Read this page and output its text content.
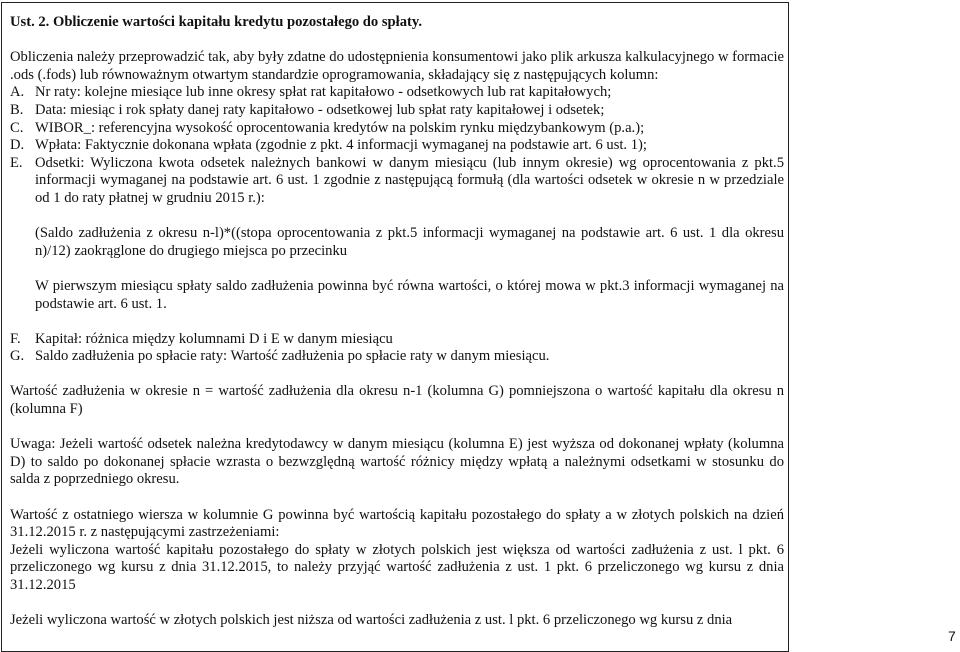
Ust. 2. Obliczenie wartości kapitału kredytu pozostałego do spłaty.

Obliczenia należy przeprowadzić tak, aby były zdatne do udostępnienia konsumentowi jako plik arkusza kalkulacyjnego w formacie .ods (.fods) lub równoważnym otwartym standardzie oprogramowania, składający się z następujących kolumn:

A. Nr raty: kolejne miesiące lub inne okresy spłat rat kapitałowo - odsetkowych lub rat kapitałowych;
B. Data: miesiąc i rok spłaty danej raty kapitałowo - odsetkowej lub spłat raty kapitałowej i odsetek;
C. WIBOR_: referencyjna wysokość oprocentowania kredytów na polskim rynku międzybankowym (p.a.);
D. Wpłata: Faktycznie dokonana wpłata (zgodnie z pkt. 4 informacji wymaganej na podstawie art. 6 ust. 1);
E. Odsetki: Wyliczona kwota odsetek należnych bankowi w danym miesiącu (lub innym okresie) wg oprocentowania z pkt.5 informacji wymaganej na podstawie art. 6 ust. 1 zgodnie z następującą formułą (dla wartości odsetek w okresie n w przedziale od 1 do raty płatnej w grudniu 2015 r.):

(Saldo zadłużenia z okresu n-l)*((stopa oprocentowania z pkt.5 informacji wymaganej na podstawie art. 6 ust. 1 dla okresu n)/12) zaokrąglone do drugiego miejsca po przecinku

W pierwszym miesiącu spłaty saldo zadłużenia powinna być równa wartości, o której mowa w pkt.3 informacji wymaganej na podstawie art. 6 ust. 1.

F. Kapitał: różnica między kolumnami D i E w danym miesiącu
G. Saldo zadłużenia po spłacie raty: Wartość zadłużenia po spłacie raty w danym miesiącu.

Wartość zadłużenia w okresie n = wartość zadłużenia dla okresu n-1 (kolumna G) pomniejszona o wartość kapitału dla okresu n (kolumna F)

Uwaga: Jeżeli wartość odsetek należna kredytodawcy w danym miesiącu (kolumna E) jest wyższa od dokonanej wpłaty (kolumna D) to saldo po dokonanej spłacie wzrasta o bezwzględną wartość różnicy między wpłatą a należnymi odsetkami w stosunku do salda z poprzedniego okresu.

Wartość z ostatniego wiersza w kolumnie G powinna być wartością kapitału pozostałego do spłaty a w złotych polskich na dzień 31.12.2015 r. z następującymi zastrzeżeniami:

Jeżeli wyliczona wartość kapitału pozostałego do spłaty w złotych polskich jest większa od wartości zadłużenia z ust. l pkt. 6 przeliczonego wg kursu z dnia 31.12.2015, to należy przyjąć wartość zadłużenia z ust. 1 pkt. 6 przeliczonego wg kursu z dnia 31.12.2015

Jeżeli wyliczona wartość w złotych polskich jest niższa od wartości zadłużenia z ust. l pkt. 6 przeliczonego wg kursu z dnia

7
